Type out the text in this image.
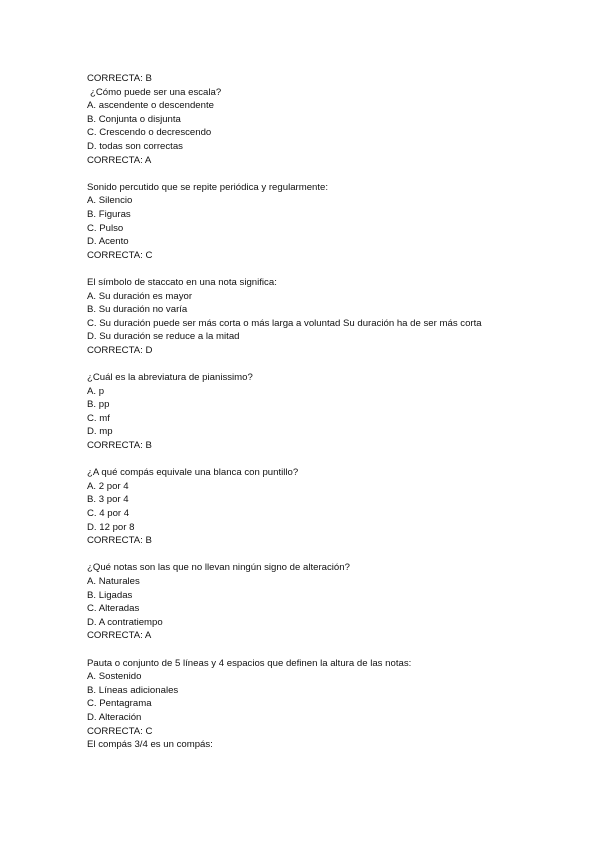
CORRECTA: B
¿Cómo puede ser una escala?
A. ascendente o descendente
B. Conjunta o disjunta
C. Crescendo o decrescendo
D. todas son correctas
CORRECTA: A
Sonido percutido que se repite periódica y regularmente:
A. Silencio
B. Figuras
C. Pulso
D. Acento
CORRECTA: C
El símbolo de staccato en una nota significa:
A. Su duración es mayor
B. Su duración no varía
C. Su duración puede ser más corta o más larga a voluntad Su duración ha de ser más corta
D. Su duración se reduce a la mitad
CORRECTA: D
¿Cuál es la abreviatura de pianissimo?
A. p
B. pp
C. mf
D. mp
CORRECTA: B
¿A qué compás equivale una blanca con puntillo?
A. 2 por 4
B. 3 por 4
C. 4 por 4
D. 12 por 8
CORRECTA: B
¿Qué notas son las que no llevan ningún signo de alteración?
A. Naturales
B. Ligadas
C. Alteradas
D. A contratiempo
CORRECTA: A
Pauta o conjunto de 5 líneas y 4 espacios que definen la altura de las notas:
A. Sostenido
B. Líneas adicionales
C. Pentagrama
D. Alteración
CORRECTA: C
El compás 3/4 es un compás:
